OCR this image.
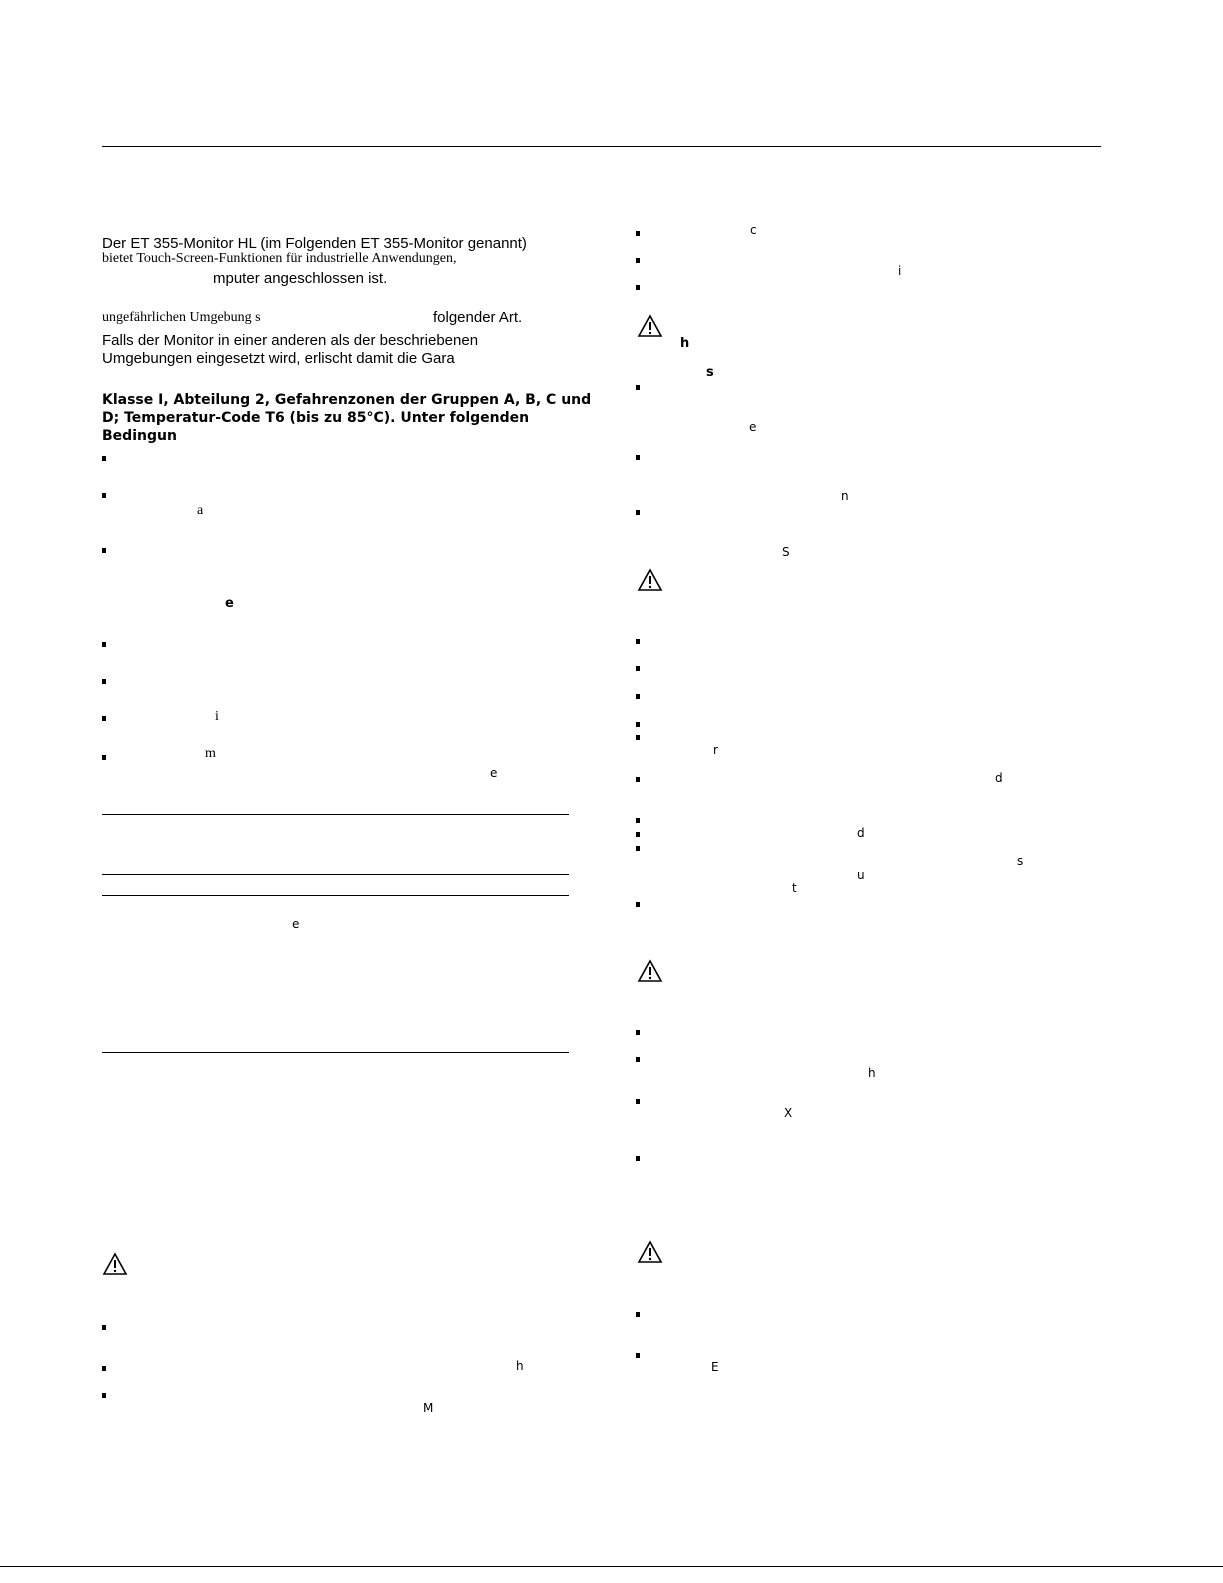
Der ET 355-Monitor HL (im Folgenden ET 355-Monitor genannt)
bietet Touch-Screen-Funktionen für industrielle Anwendungen,
mputer angeschlossen ist.
ungefährlichen Umgebung s	folgender Art.
Falls der Monitor in einer anderen als der beschriebenen
Umgebungen eingesetzt wird, erlischt damit die Gara
Klasse I, Abteilung 2, Gefahrenzonen der Gruppen A, B, C und
D; Temperatur-Code T6 (bis zu 85°C). Unter folgenden
Bedingun
a
e
i
m
e
e
h
M
c
i
h
s
e
n
S
r
d
d
s
u
t
h
X
E
